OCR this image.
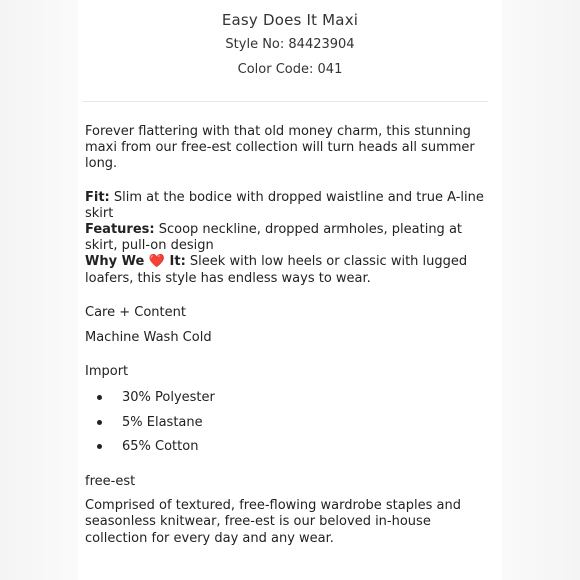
Easy Does It Maxi
Style No: 84423904
Color Code: 041

Forever flattering with that old money charm, this stunning maxi from our free-est collection will turn heads all summer long.

Fit: Slim at the bodice with dropped waistline and true A-line skirt

Features: Scoop neckline, dropped armholes, pleating at skirt, pull-on design

Why We ❤️ It: Sleek with low heels or classic with lugged loafers, this style has endless ways to wear.

Care + Content

Machine Wash Cold

Import

30% Polyester
5% Elastane
65% Cotton

free-est

Comprised of textured, free-flowing wardrobe staples and seasonless knitwear, free-est is our beloved in-house collection for every day and any wear.
